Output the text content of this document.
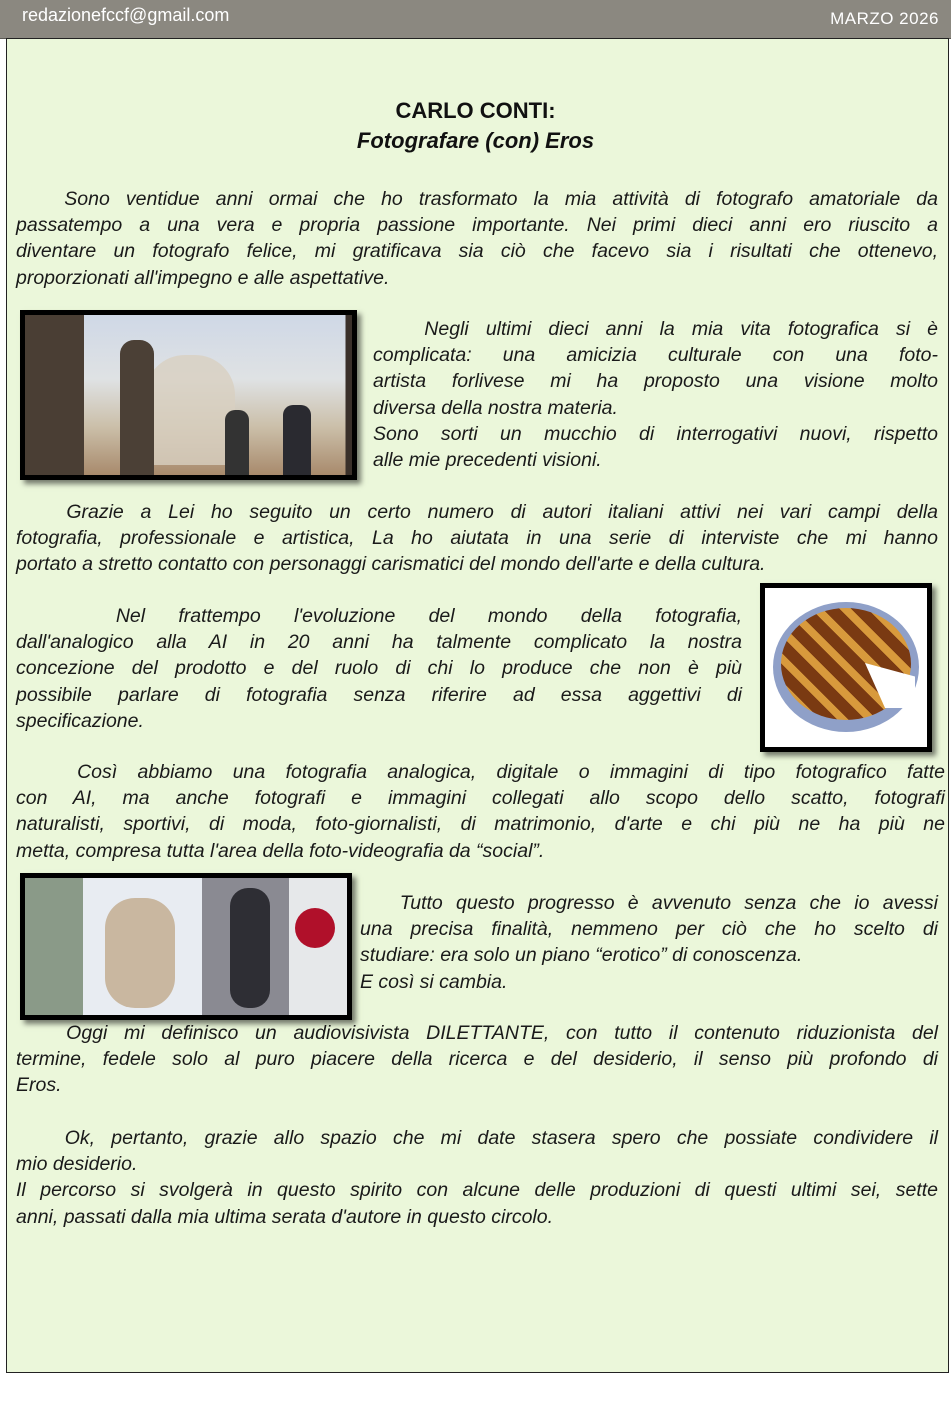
redazionefccf@gmail.com	MARZO 2026
CARLO CONTI:
Fotografare (con) Eros
Sono ventidue anni ormai che ho trasformato la mia attività di fotografo amatoriale da
passatempo a una vera e propria passione importante. Nei primi dieci anni ero riuscito a
diventare un fotografo felice, mi gratificava sia ciò che facevo sia i risultati che ottenevo,
proporzionati all'impegno e alle aspettative.
Negli ultimi dieci anni la mia vita fotografica si è
complicata: una amicizia culturale con una foto-
artista forlivese mi ha proposto una visione molto
diversa della nostra materia.
Sono sorti un mucchio di interrogativi nuovi, rispetto
alle mie precedenti visioni.
Grazie a Lei ho seguito un certo numero di autori italiani attivi nei vari campi della
fotografia, professionale e artistica, La ho aiutata in una serie di interviste che mi hanno
portato a stretto contatto con personaggi carismatici del mondo dell'arte e della cultura.
Nel frattempo l'evoluzione del mondo della fotografia,
dall'analogico alla AI in 20 anni ha talmente complicato la nostra
concezione del prodotto e del ruolo di chi lo produce che non è più
possibile parlare di fotografia senza riferire ad essa aggettivi di
specificazione.
Così abbiamo una fotografia analogica, digitale o immagini di tipo fotografico fatte
con AI, ma anche fotografi e immagini collegati allo scopo dello scatto, fotografi
naturalisti, sportivi, di moda, foto-giornalisti, di matrimonio, d'arte e chi più ne ha più ne
metta, compresa tutta l'area della foto-videografia da “social”.
Tutto questo progresso è avvenuto senza che io avessi
una precisa finalità, nemmeno per ciò che ho scelto di
studiare: era solo un piano “erotico” di conoscenza.
E così si cambia.
Oggi mi definisco un audiovisivista DILETTANTE, con tutto il contenuto riduzionista del
termine, fedele solo al puro piacere della ricerca e del desiderio, il senso più profondo di
Eros.
Ok, pertanto, grazie allo spazio che mi date stasera spero che possiate condividere il
mio desiderio.
Il percorso si svolgerà in questo spirito con alcune delle produzioni di questi ultimi sei, sette
anni, passati dalla mia ultima serata d'autore in questo circolo.
